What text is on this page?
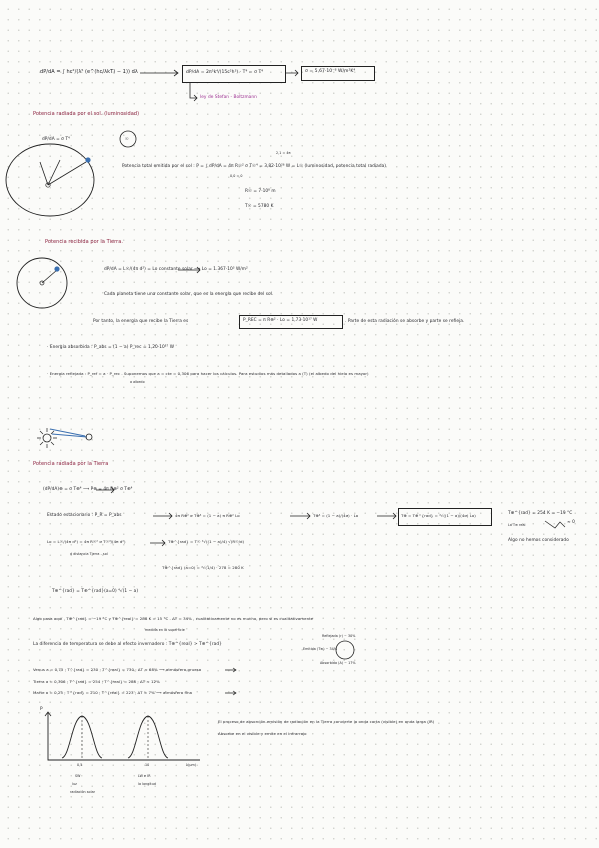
dP/dA = ∫ hc²/(λ⁵ (e^(hc/λkT) − 1)) dλ	dP/dA = 2π⁵k⁴/(15c²h³) · T⁴ = σ T⁴	σ = 5,67·10⁻⁸ W/m²K⁴
ley de Stefan - Boltzmann
Potencia radiada por el sol. (luminosidad)
dP/dA = σ T⁴	☉
2,1 = 4π
0,0 = 0
Potencia total emitida por el sol : P = ∫ dP/dA = 4π R☉² σ T☉⁴ = 3,82·10²⁶ W = L☉ (luminosidad, potencia total radiada)
R☉ = 7·10⁸ m
T☉ = 5780 K
Potencia recibida por la Tierra.
dP/dA = L☉/(4π d²) = Lo constante solar ⟶ Lo = 1.367·10³ W/m²
Cada planeta tiene una constante solar, que es la energía que recibe del sol.
Por tanto, la energía que recibe la Tierra es	P_REC = π R⊕² · Lo = 1,73·10¹⁷ W	. Parte de esta radiación se absorbe y parte se refleja.
· Energía absorbida : P_abs = (1 − a) P_rec = 1,20·10¹⁷ W
· Energía reflejada : P_ref = a · P_rec . Suponemos que a = cte = 0,306 para hacer los cálculos. Para estudios más detallados a (T) (el albedo del hielo es mayor)
a albedo
Potencia radiada por la Tierra
(dP/dA)⊕ = σ T⊕⁴ ⟶ P⊕ = 4π R⊕² σ T⊕⁴
Estado estacionario : P_R = P_abs	4π R⊕² σ T⊕⁴ = (1 − a) π R⊕² Lo	T⊕⁴ = (1 − a)/(4σ) · Lo	T⊕ = T⊕^{rad} = ⁴√((1 − a)/(4σ) Lo)	T⊕^{rad} = 254 K = −19 °C
La T⊕ real	≈ 0
Algo no hemos considerado
Lo = L☉/(4π d²) = 4π R☉² σ T☉⁴/(4π d²)
d distancia Tierra - sol
T⊕^{rad} = T☉ ⁴√((1 − a)/4) √(R☉/d)
T⊕^{rad} (a=0) = ⁴√(1/4) · 278 = 280 K
T⊕^{rad} = T⊕^{rad}(a=0) ⁴√(1 − a)
Algo pasa aquí , T⊕^{rad} = −19 °C y T⊕^{real} = 288 K = 15 °C . ΔT = 34% , cualitativamente no es mucho, pero sí es cualitativamente
medida en la superficie
La diferencia de temperatura se debe al efecto invernadero : T⊕^{real} > T⊕^{rad}
Reflejada (r) ~ 30%
Emitida (T⊕) ~ 34%
Absorbida (A) ~ 17%
Venus a = 0,75 ; T^{rad} = 230 ; T^{real} = 730 ; ΔT ≈ 68% ⟶ atmósfera gruesa
Tierra a = 0,306 ; T^{rad} = 254 ; T^{real} = 288 ; ΔT ≈ 12%
Marte a = 0,25 ; T^{rad} = 210 ; T^{real} = 223 ; ΔT ≈ 7% ⟶ atmósfera fina
El proceso de absorción-emisión de radiación en la Tierra convierte la onda corta (visible) en onda larga (IR)
Absorbe en el visible y emite en el infrarrojo
P
λ(μm)
0,5	10
SW
luz
radiación solar
LW e IR
la longitud
